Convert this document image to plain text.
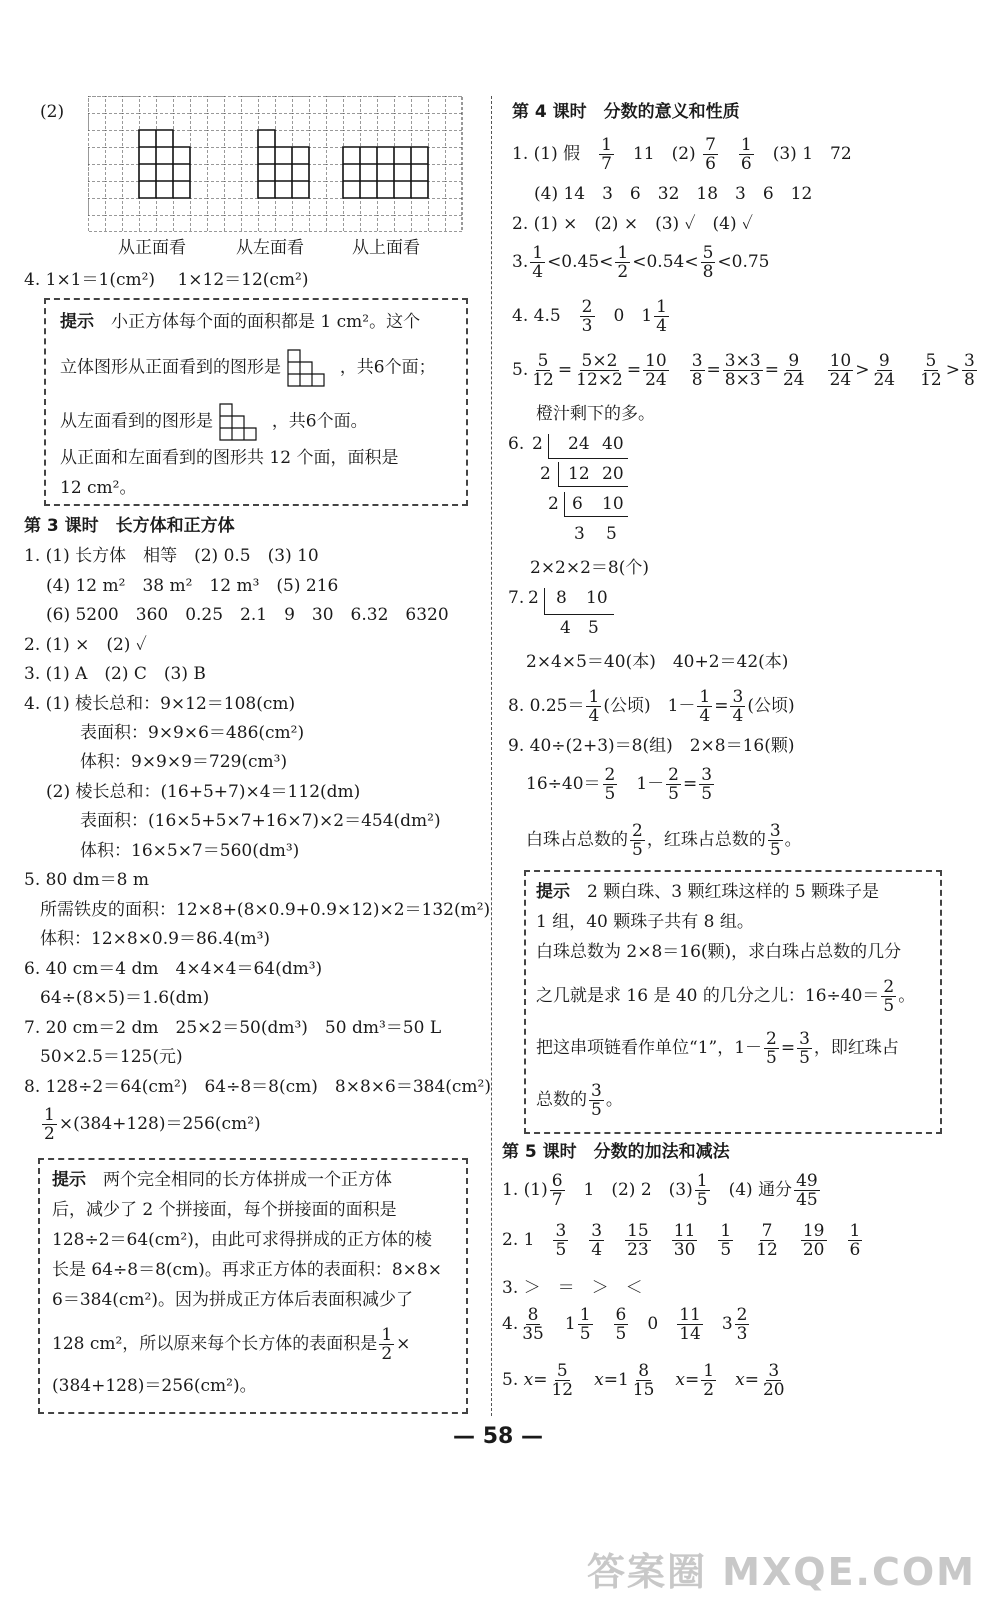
(2)
从正面看	从左面看	从上面看
4. 1×1＝1(cm²)　 1×12＝12(cm²)
提示　 小正方体每个面的面积都是 1 cm²。这个
立体图形从正面看到的图形是	，共6个面；
从左面看到的图形是	，共6个面。
从正面和左面看到的图形共 12 个面，面积是
12 cm²。
第 3 课时　长方体和正方体
1. (1) 长方体　相等　(2) 0.5　(3) 10
(4) 12 m²　38 m²　12 m³　(5) 216
(6) 5200　360　0.25　2.1　9　30　6.32　6320
2. (1) ×　(2) ✓
3. (1) A　(2) C　(3) B
4. (1) 棱长总和：9×12＝108(cm)
表面积：9×9×6＝486(cm²)
体积：9×9×9＝729(cm³)
(2) 棱长总和：(16+5+7)×4＝112(dm)
表面积：(16×5+5×7+16×7)×2＝454(dm²)
体积：16×5×7＝560(dm³)
5. 80 dm＝8 m
所需铁皮的面积：12×8+(8×0.9+0.9×12)×2＝132(m²)
体积：12×8×0.9＝86.4(m³)
6. 40 cm＝4 dm　4×4×4＝64(dm³)
64÷(8×5)＝1.6(dm)
7. 20 cm＝2 dm　25×2＝50(dm³)　50 dm³＝50 L
50×2.5＝125(元)
8. 128÷2＝64(cm²)　64÷8＝8(cm)　8×8×6＝384(cm²)
$\frac{1}{2} \times(384+128)=256(cm^2)$
提示　 两个完全相同的长方体拼成一个正方体
后，减少了 2 个拼接面，每个拼接面的面积是
128÷2＝64(cm²)，由此可求得拼成的正方体的棱
长是 64÷8＝8(cm)。再求正方体的表面积：8×8×
6＝384(cm²)。因为拼成正方体后表面积减少了
128 cm²，所以原来每个长方体的表面积是 $\frac{1}{2}$ ×
(384+128)＝256(cm²)。
第 4 课时　分数的意义和性质
1. (1) 假　 $\frac{1}{7}$
　 11　$(2) \frac{7}{6}$
　 $\frac{1}{6}$
　 (3) 1　72
(4) 14　3　6　32　18　3　6　12
2. (1) ×　(2) ×　(3) ✓　(4) ✓
3. $\frac{1}{4} <0.45< \frac{1}{2} <0.54< \frac{5}{8} <0.75$
4. 4.5　 $\frac{2}{3}$
　 0　$1 \frac{1}{4}$
5. $\frac{5}{12} = \frac{5\times 2}{12\times 2} = \frac{10}{24}$
　 $\frac{3}{8} = \frac{3\times 3}{8\times 3} = \frac{9}{24}$
　 $\frac{10}{24} > \frac{9}{24}$
　 $\frac{5}{12} > \frac{3}{8}$
橙汁剩下的多。
6. 2 24 40
2 12 20
2 6 10
3 5
2×2×2＝8(个)
7. 2 8 10
4 5
2×4×5＝40(本)　40+2＝42(本)
8. $0.25= \frac{1}{4}$ (公顷)　$1- \frac{1}{4} = \frac{3}{4}$ (公顷)
9. 40÷(2+3)＝8(组)　2×8＝16(颗)
$16\div 40= \frac{2}{5}$
　 $1- \frac{2}{5} = \frac{3}{5}$
白珠占总数的 $\frac{2}{5}$ ，红珠占总数的 $\frac{3}{5}$ 。
提示　 2 颗白珠、3 颗红珠这样的 5 颗珠子是
1 组，40 颗珠子共有 8 组。
白珠总数为 2×8＝16(颗)，求白珠占总数的几分
之几就是求 16 是 40 的几分之儿：$16\div 40= \frac{2}{5}$ 。
把这串项链看作单位“1”，$1- \frac{2}{5} = \frac{3}{5}$ ，即红珠占
总数的 $\frac{3}{5}$ 。
第 5 课时　分数的加法和减法
1. $(1) \frac{6}{7}$
　 1　(2) 2　$(3) \frac{1}{5}$
　 (4) 通分 $\frac{49}{45}$
2. 1　 $\frac{3}{5}$
　 $\frac{3}{4}$
　 $\frac{15}{23}$
　 $\frac{11}{30}$
　 $\frac{1}{5}$
　 $\frac{7}{12}$
　 $\frac{19}{20}$
　 $\frac{1}{6}$
3. ＞　＝　＞　＜
4. $\frac{8}{35}$ 　$1 \frac{1}{5}$
　 $\frac{6}{5}$ 　0　 $\frac{11}{14}$ 　$3 \frac{2}{3}$
5. $x= \frac{5}{12}$
　 $x=1 \frac{8}{15}$
　 $x= \frac{1}{2}$
　 $x= \frac{3}{20}$
— 58 —
答案圈 MXQE.COM
